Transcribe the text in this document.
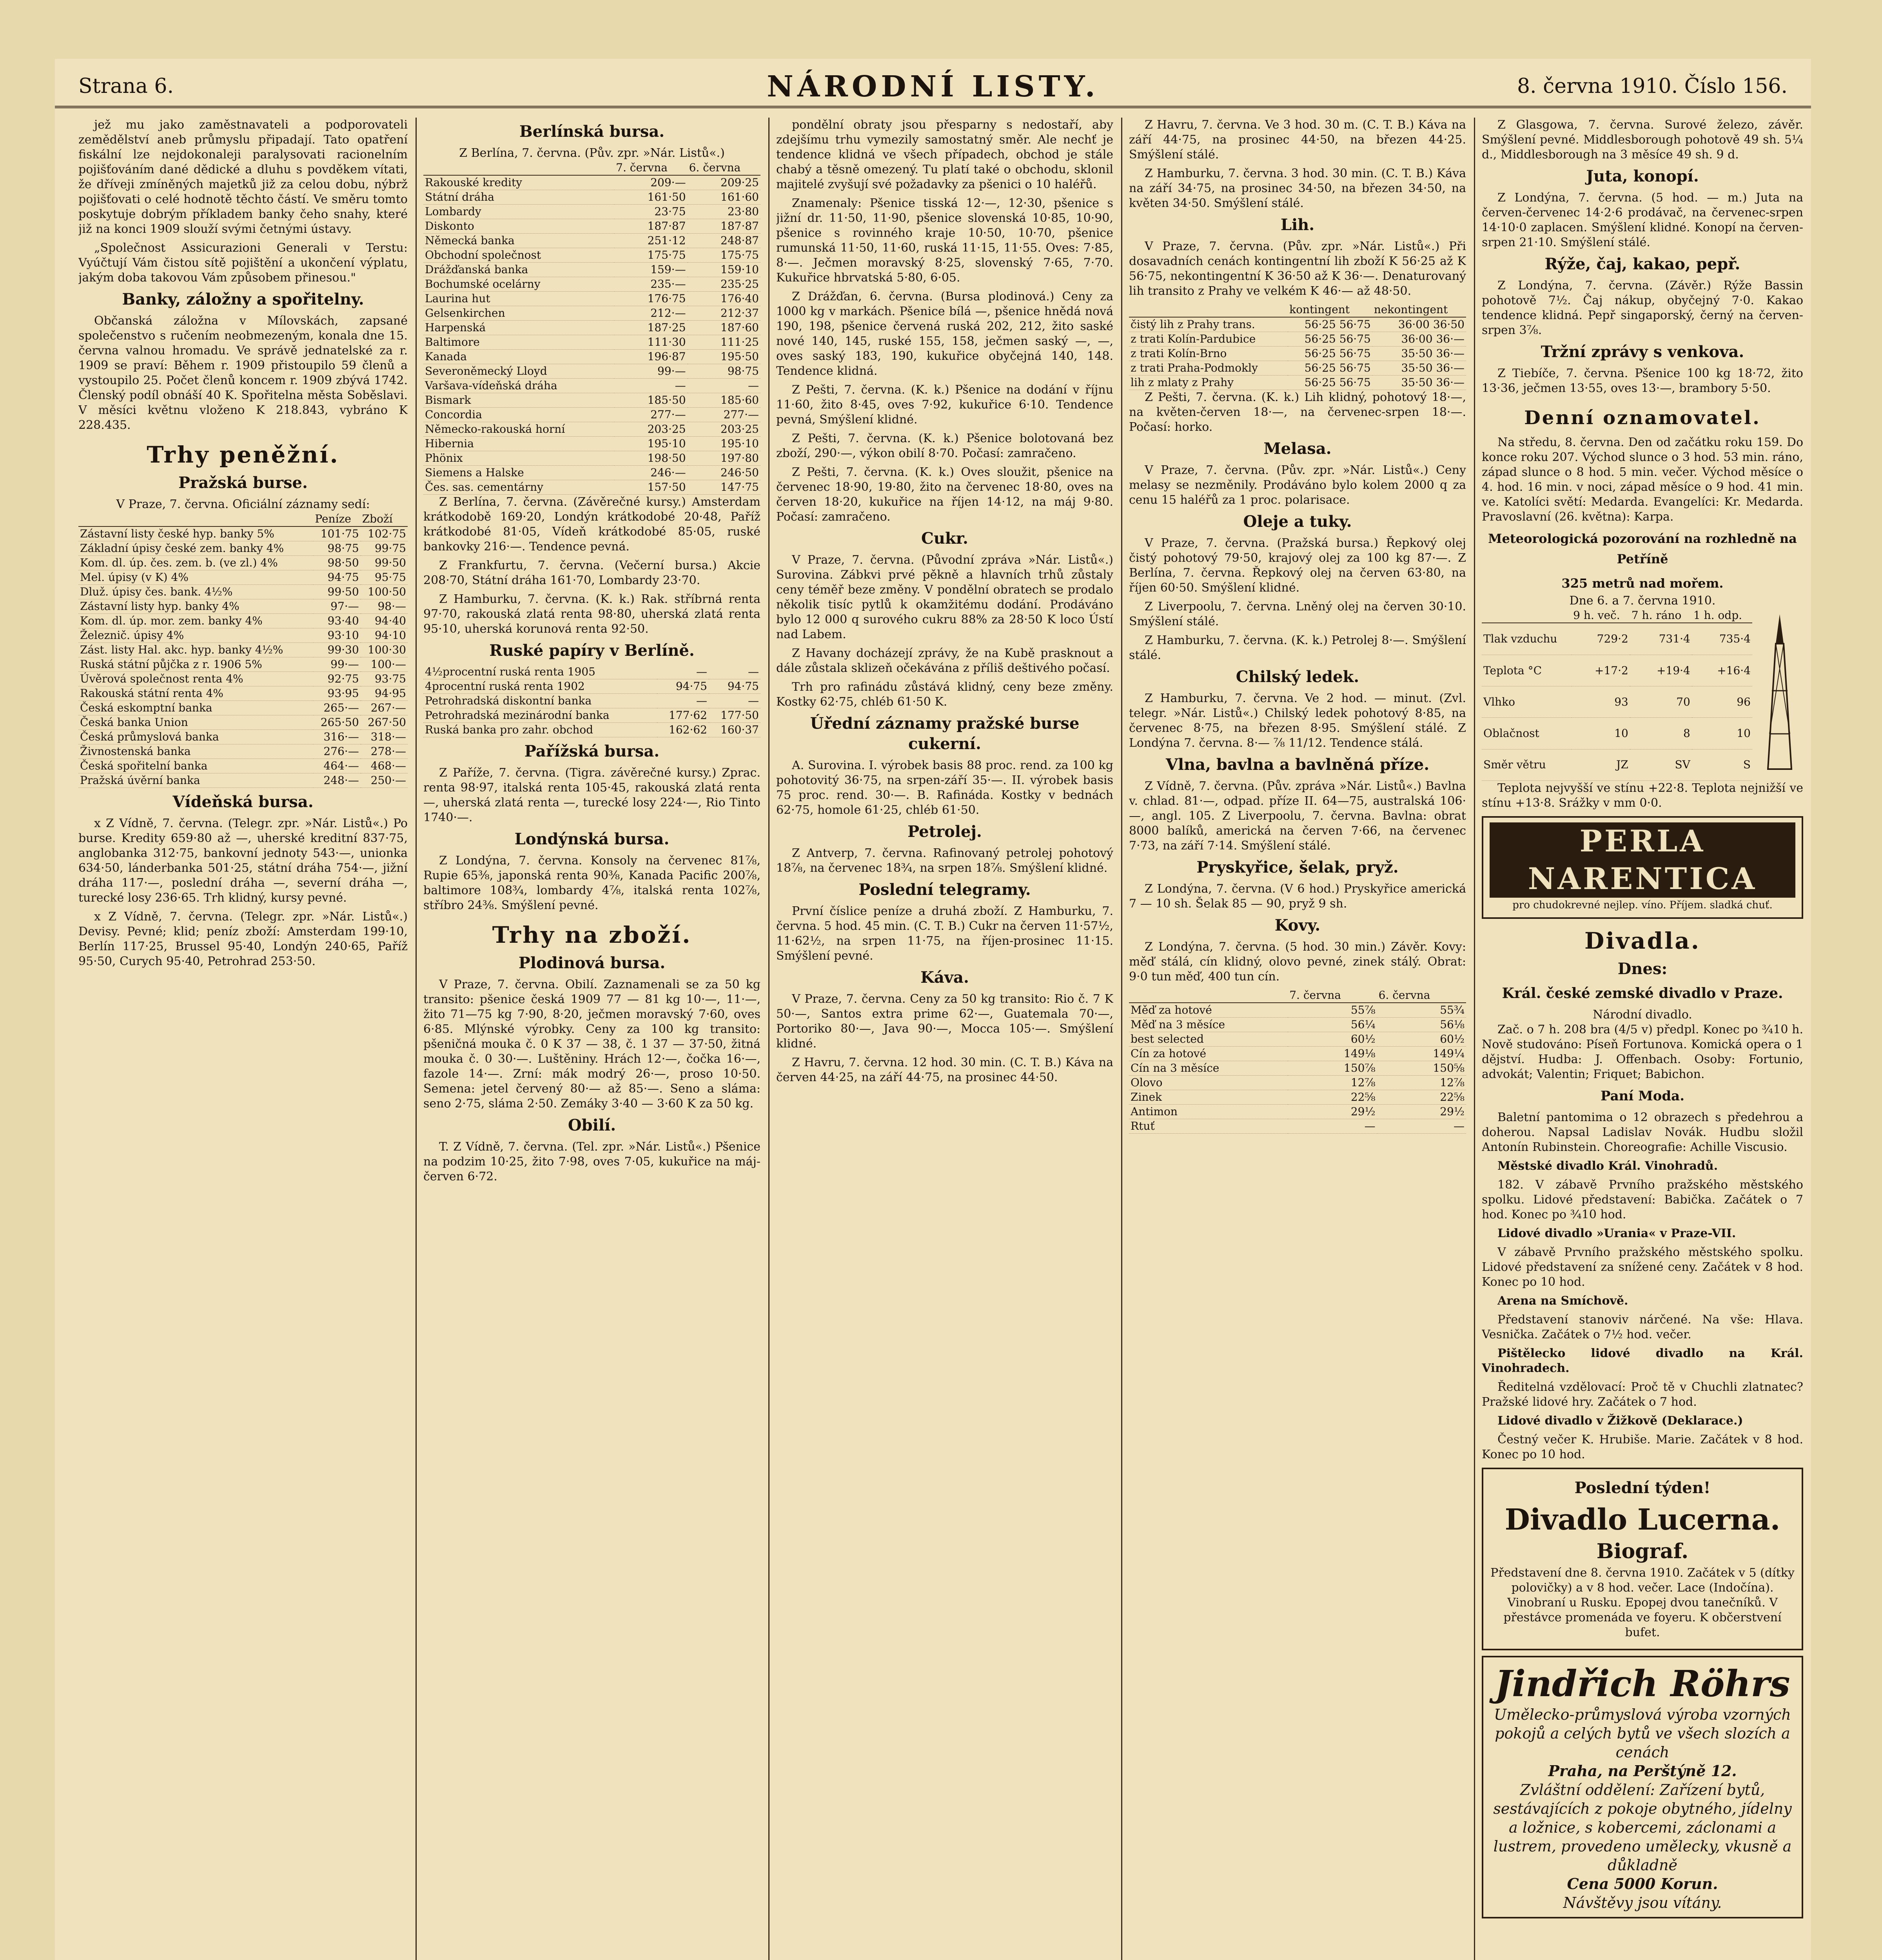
Strana 6.	NÁRODNÍ LISTY.	8. června 1910. Číslo 156.

jež mu jako zaměstnavateli a podporovateli zemědělství aneb průmyslu připadají. Tato opatření fiskální lze nejdokonaleji paralysovati racionelním pojišťováním dané dědické a dluhu s povděkem vítati, že dříveji zmíněných majetků již za celou dobu, nýbrž pojišťovati o celé hodnotě těchto částí. Ve směru tomto poskytuje dobrým příkladem banky čeho snahy, které již na konci 1909 slouží svými četnými ústavy.

„Společnost Assicurazioni Generali v Terstu: Vyúčtují Vám čistou sítě pojištění a ukončení výplatu, jakým doba takovou Vám způsobem přinesou."

Banky, záložny a spořitelny.

Občanská záložna v Mílovskách, zapsané společenstvo s ručením neobmezeným, konala dne 15. června valnou hromadu. Ve správě jednatelské za r. 1909 se praví: Během r. 1909 přistoupilo 59 členů a vystoupilo 25. Počet členů koncem r. 1909 zbývá 1742. Členský podíl obnáší 40 K. Spořitelna města Soběslavi. V měsíci květnu vloženo K 218.843, vybráno K 228.435.

Trhy peněžní.
Pražská burse.
V Praze, 7. června. Oficiální záznamy sedí:
	Peníze	Zboží
Zástavní listy české hyp. banky 5%	101·75	102·75
Základní úpisy české zem. banky 4%	98·75	99·75
Kom. dl. úp. čes. zem. b. (ve zl.) 4%	98·50	99·50
Mel. úpisy (v K) 4%	94·75	95·75
Dluž. úpisy čes. bank. 4½%	99·50	100·50
Zástavní listy hyp. banky 4%	97·—	98·—
Kom. dl. úp. mor. zem. banky 4%	93·40	94·40
Železnič. úpisy 4%	93·10	94·10
Zást. listy Hal. akc. hyp. banky 4½%	99·30	100·30
Ruská státní půjčka z r. 1906 5%	99·—	100·—
Úvěrová společnost renta 4%	92·75	93·75
Rakouská státní renta 4%	93·95	94·95
Česká eskomptní banka	265·—	267·—
Česká banka Union	265·50	267·50
Česká průmyslová banka	316·—	318·—
Živnostenská banka	276·—	278·—
Česká spořitelní banka	464·—	468·—
Pražská úvěrní banka	248·—	250·—
Vídeňská bursa.

x Z Vídně, 7. června. (Telegr. zpr. »Nár. Listů«.) Po burse. Kredity 659·80 až —, uherské kreditní 837·75, anglobanka 312·75, bankovní jednoty 543·—, unionka 634·50, lánderbanka 501·25, státní dráha 754·—, jižní dráha 117·—, poslední dráha —, severní dráha —, turecké losy 236·65. Trh klidný, kursy pevné.

x Z Vídně, 7. června. (Telegr. zpr. »Nár. Listů«.) Devisy. Pevné; klid; peníz zboží: Amsterdam 199·10, Berlín 117·25, Brussel 95·40, Londýn 240·65, Paříž 95·50, Curych 95·40, Petrohrad 253·50.

Berlínská bursa.
Z Berlína, 7. června. (Pův. zpr. »Nár. Listů«.)
	7. června	6. června
Rakouské kredity	209·—	209·25
Státní dráha	161·50	161·60
Lombardy	23·75	23·80
Diskonto	187·87	187·87
Německá banka	251·12	248·87
Obchodní společnost	175·75	175·75
Drážďanská banka	159·—	159·10
Bochumské ocelárny	235·—	235·25
Laurina hut	176·75	176·40
Gelsenkirchen	212·—	212·37
Harpenská	187·25	187·60
Baltimore	111·30	111·25
Kanada	196·87	195·50
Severoněmecký Lloyd	99·—	98·75
Varšava-vídeňská dráha	—	—
Bismark	185·50	185·60
Concordia	277·—	277·—
Německo-rakouská horní	203·25	203·25
Hibernia	195·10	195·10
Phönix	198·50	197·80
Siemens a Halske	246·—	246·50
Čes. sas. cementárny	157·50	147·75

Z Berlína, 7. června. (Závěrečné kursy.) Amsterdam krátkodobě 169·20, Londýn krátkodobé 20·48, Paříž krátkodobé 81·05, Vídeň krátkodobé 85·05, ruské bankovky 216·—. Tendence pevná.

Z Frankfurtu, 7. června. (Večerní bursa.) Akcie 208·70, Státní dráha 161·70, Lombardy 23·70.

Z Hamburku, 7. června. (K. k.) Rak. stříbrná renta 97·70, rakouská zlatá renta 98·80, uherská zlatá renta 95·10, uherská korunová renta 92·50.

Ruské papíry v Berlíně.
4½procentní ruská renta 1905	—	—
4procentní ruská renta 1902	94·75	94·75
Petrohradská diskontní banka	—	—
Petrohradská mezinárodní banka	177·62	177·50
Ruská banka pro zahr. obchod	162·62	160·37
Pařížská bursa.

Z Paříže, 7. června. (Tigra. závěrečné kursy.) Zprac. renta 98·97, italská renta 105·45, rakouská zlatá renta —, uherská zlatá renta —, turecké losy 224·—, Rio Tinto 1740·—.

Londýnská bursa.

Z Londýna, 7. června. Konsoly na červenec 81⅞, Rupie 65⅜, japonská renta 90⅜, Kanada Pacific 200⅞, baltimore 108¾, lombardy 4⅞, italská renta 102⅞, stříbro 24⅜. Smýšlení pevné.

Trhy na zboží.
Plodinová bursa.

V Praze, 7. června. Obilí. Zaznamenali se za 50 kg transito: pšenice česká 1909 77 — 81 kg 10·—, 11·—, žito 71—75 kg 7·90, 8·20, ječmen moravský 7·60, oves 6·85. Mlýnské výrobky. Ceny za 100 kg transito: pšeničná mouka č. 0 K 37 — 38, č. 1 37 — 37·50, žitná mouka č. 0 30·—. Luštěniny. Hrách 12·—, čočka 16·—, fazole 14·—. Zrní: mák modrý 26·—, proso 10·50. Semena: jetel červený 80·— až 85·—. Seno a sláma: seno 2·75, sláma 2·50. Zemáky 3·40 — 3·60 K za 50 kg.

Obilí.

T. Z Vídně, 7. června. (Tel. zpr. »Nár. Listů«.) Pšenice na podzim 10·25, žito 7·98, oves 7·05, kukuřice na máj-červen 6·72.

pondělní obraty jsou přesparny s nedostaří, aby zdejšímu trhu vymezily samostatný směr. Ale nechť je tendence klidná ve všech případech, obchod je stále chabý a těsně omezený. Tu platí také o obchodu, sklonil majitelé zvyšují své požadavky za pšenici o 10 haléřů.

Znamenaly: Pšenice tisská 12·—, 12·30, pšenice s jižní dr. 11·50, 11·90, pšenice slovenská 10·85, 10·90, pšenice s rovinného kraje 10·50, 10·70, pšenice rumunská 11·50, 11·60, ruská 11·15, 11·55. Oves: 7·85, 8·—. Ječmen moravský 8·25, slovenský 7·65, 7·70. Kukuřice hbrvatská 5·80, 6·05.

Z Drážďan, 6. června. (Bursa plodinová.) Ceny za 1000 kg v markách. Pšenice bílá —, pšenice hnědá nová 190, 198, pšenice červená ruská 202, 212, žito saské nové 140, 145, ruské 155, 158, ječmen saský —, —, oves saský 183, 190, kukuřice obyčejná 140, 148. Tendence klidná.

Z Pešti, 7. června. (K. k.) Pšenice na dodání v říjnu 11·60, žito 8·45, oves 7·92, kukuřice 6·10. Tendence pevná, Smýšlení klidné.

Z Pešti, 7. června. (K. k.) Pšenice bolotovaná bez zboží, 290·—, výkon obilí 8·70. Počasí: zamračeno.

Z Pešti, 7. června. (K. k.) Oves sloužit, pšenice na červenec 18·90, 19·80, žito na červenec 18·80, oves na červen 18·20, kukuřice na říjen 14·12, na máj 9·80. Počasí: zamračeno.

Cukr.

V Praze, 7. června. (Původní zpráva »Nár. Listů«.) Surovina. Zábkvi prvé pěkně a hlavních trhů zůstaly ceny téměř beze změny. V pondělní obratech se prodalo několik tisíc pytlů k okamžitému dodání. Prodáváno bylo 12 000 q surového cukru 88% za 28·50 K loco Ústí nad Labem.

Z Havany docházejí zprávy, že na Kubě prasknout a dále zůstala sklizeň očekávána z příliš deštivého počasí.

Trh pro rafinádu zůstává klidný, ceny beze změny. Kostky 62·75, chléb 61·50 K.

Úřední záznamy pražské burse cukerní.

A. Surovina. I. výrobek basis 88 proc. rend. za 100 kg pohotovitý 36·75, na srpen-září 35·—. II. výrobek basis 75 proc. rend. 30·—. B. Rafináda. Kostky v bednách 62·75, homole 61·25, chléb 61·50.

Petrolej.

Z Antverp, 7. června. Rafinovaný petrolej pohotový 18⅞, na červenec 18¾, na srpen 18⅞. Smýšlení klidné.

Poslední telegramy.

První číslice peníze a druhá zboží. Z Hamburku, 7. června. 5 hod. 45 min. (C. T. B.) Cukr na červen 11·57½, 11·62½, na srpen 11·75, na říjen-prosinec 11·15. Smýšlení pevné.

Káva.

V Praze, 7. června. Ceny za 50 kg transito: Rio č. 7 K 50·—, Santos extra prime 62·—, Guatemala 70·—, Portoriko 80·—, Java 90·—, Mocca 105·—. Smýšlení klidné.

Z Havru, 7. června. 12 hod. 30 min. (C. T. B.) Káva na červen 44·25, na září 44·75, na prosinec 44·50.

Z Havru, 7. června. Ve 3 hod. 30 m. (C. T. B.) Káva na září 44·75, na prosinec 44·50, na březen 44·25. Smýšlení stálé.

Z Hamburku, 7. června. 3 hod. 30 min. (C. T. B.) Káva na září 34·75, na prosinec 34·50, na březen 34·50, na květen 34·50. Smýšlení stálé.

Lih.

V Praze, 7. června. (Pův. zpr. »Nár. Listů«.) Při dosavadních cenách kontingentní lih zboží K 56·25 až K 56·75, nekontingentní K 36·50 až K 36·—. Denaturovaný lih transito z Prahy ve velkém K 46·— až 48·50.

	kontingent	nekontingent
čistý lih z Prahy trans.	56·25 56·75	36·00 36·50
z trati Kolín-Pardubice	56·25 56·75	36·00 36·—
z trati Kolín-Brno	56·25 56·75	35·50 36·—
z trati Praha-Podmokly	56·25 56·75	35·50 36·—
lih z mlaty z Prahy	56·25 56·75	35·50 36·—

Z Pešti, 7. června. (K. k.) Lih klidný, pohotový 18·—, na květen-červen 18·—, na červenec-srpen 18·—. Počasí: horko.

Melasa.

V Praze, 7. června. (Pův. zpr. »Nár. Listů«.) Ceny melasy se nezměnily. Prodáváno bylo kolem 2000 q za cenu 15 haléřů za 1 proc. polarisace.

Oleje a tuky.

V Praze, 7. června. (Pražská bursa.) Řepkový olej čistý pohotový 79·50, krajový olej za 100 kg 87·—. Z Berlína, 7. června. Řepkový olej na červen 63·80, na říjen 60·50. Smýšlení klidné.

Z Liverpoolu, 7. června. Lněný olej na červen 30·10. Smýšlení stálé.

Z Hamburku, 7. června. (K. k.) Petrolej 8·—. Smýšlení stálé.

Chilský ledek.

Z Hamburku, 7. června. Ve 2 hod. — minut. (Zvl. telegr. »Nár. Listů«.) Chilský ledek pohotový 8·85, na červenec 8·75, na březen 8·95. Smýšlení stálé. Z Londýna 7. června. 8·— ⅞ 11/12. Tendence stálá.

Vlna, bavlna a bavlněná příze.

Z Vídně, 7. června. (Pův. zpráva »Nár. Listů«.) Bavlna v. chlad. 81·—, odpad. příze II. 64—75, australská 106·—, angl. 105. Z Liverpoolu, 7. června. Bavlna: obrat 8000 balíků, americká na červen 7·66, na červenec 7·73, na září 7·14. Smýšlení stálé.

Pryskyřice, šelak, pryž.

Z Londýna, 7. června. (V 6 hod.) Pryskyřice americká 7 — 10 sh. Šelak 85 — 90, pryž 9 sh.

Kovy.

Z Londýna, 7. června. (5 hod. 30 min.) Závěr. Kovy: měď stálá, cín klidný, olovo pevné, zinek stálý. Obrat: 9·0 tun měď, 400 tun cín.

	7. června	6. června
Měď za hotové	55⅞	55¾
Měď na 3 měsíce	56¼	56⅛
best selected	60½	60½
Cín za hotové	149⅛	149¼
Cín na 3 měsíce	150⅞	150⅝
Olovo	12⅞	12⅞
Zinek	22⅝	22⅝
Antimon	29½	29½
Rtuť	—	—

Z Glasgowa, 7. června. Surové železo, závěr. Smýšlení pevné. Middlesborough pohotově 49 sh. 5¼ d., Middlesborough na 3 měsíce 49 sh. 9 d.

Juta, konopí.

Z Londýna, 7. června. (5 hod. — m.) Juta na červen-červenec 14·2·6 prodávač, na červenec-srpen 14·10·0 zaplacen. Smýšlení klidné. Konopí na červen-srpen 21·10. Smýšlení stálé.

Rýže, čaj, kakao, pepř.

Z Londýna, 7. června. (Závěr.) Rýže Bassin pohotově 7½. Čaj nákup, obyčejný 7·0. Kakao tendence klidná. Pepř singaporský, černý na červen-srpen 3⅞.

Tržní zprávy s venkova.

Z Tiebíče, 7. června. Pšenice 100 kg 18·72, žito 13·36, ječmen 13·55, oves 13·—, brambory 5·50.

Denní oznamovatel.

Na středu, 8. června. Den od začátku roku 159. Do konce roku 207. Východ slunce o 3 hod. 53 min. ráno, západ slunce o 8 hod. 5 min. večer. Východ měsíce o 4. hod. 16 min. v noci, západ měsíce o 9 hod. 41 min. ve. Katolíci světí: Medarda. Evangelíci: Kr. Medarda. Pravoslavní (26. května): Karpa.

Meteorologická pozorování na rozhledně na Petříně
325 metrů nad mořem.
Dne 6. a 7. června 1910.
	9 h. več.	7 h. ráno	1 h. odp.
Tlak vzduchu	729·2	731·4	735·4
Teplota °C	+17·2	+19·4	+16·4
Vlhko	93	70	96
Oblačnost	10	8	10
Směr větru	JZ	SV	S

Teplota nejvyšší ve stínu +22·8. Teplota nejnižší ve stínu +13·8. Srážky v mm 0·0.

PERLA NARENTICA
pro chudokrevné nejlep. víno. Příjem. sladká chuť.
Divadla.
Dnes:
Král. české zemské divadlo v Praze.
Národní divadlo.

Zač. o 7 h. 208 bra (4/5 v) předpl. Konec po ¾10 h. Nově studováno: Píseň Fortunova. Komická opera o 1 dějství. Hudba: J. Offenbach. Osoby: Fortunio, advokát; Valentin; Friquet; Babichon.

Paní Moda.

Baletní pantomima o 12 obrazech s předehrou a doherou. Napsal Ladislav Novák. Hudbu složil Antonín Rubinstein. Choreografie: Achille Viscusio.

Městské divadlo Král. Vinohradů.

182. V zábavě Prvního pražského městského spolku. Lidové představení: Babička. Začátek o 7 hod. Konec po ¾10 hod.

Lidové divadlo »Urania« v Praze-VII.

V zábavě Prvního pražského městského spolku. Lidové představení za snížené ceny. Začátek v 8 hod. Konec po 10 hod.

Arena na Smíchově.

Představení stanoviv nárčené. Na vše: Hlava. Vesnička. Začátek o 7½ hod. večer.

Pištělecko lidové divadlo na Král. Vinohradech.

Ředitelná vzdělovací: Proč tě v Chuchli zlatnatec? Pražské lidové hry. Začátek o 7 hod.

Lidové divadlo v Žižkově (Deklarace.)

Čestný večer K. Hrubiše. Marie. Začátek v 8 hod. Konec po 10 hod.

Poslední týden!
Divadlo Lucerna.
Biograf.

Představení dne 8. června 1910. Začátek v 5 (dítky polovičky) a v 8 hod. večer. Lace (Indočína). Vinobraní u Rusku. Epopej dvou tanečníků. V přestávce promenáda ve foyeru. K občerstvení bufet.

Jindřich Röhrs
Umělecko-průmyslová výroba vzorných pokojů a celých bytů ve všech slozích a cenách
Praha, na Perštýně 12.
Zvláštní oddělení: Zařízení bytů, sestávajících z pokoje obytného, jídelny a ložnice, s kobercemi, záclonami a lustrem, provedeno umělecky, vkusně a důkladně
Cena 5000 Korun.
Návštěvy jsou vítány.
